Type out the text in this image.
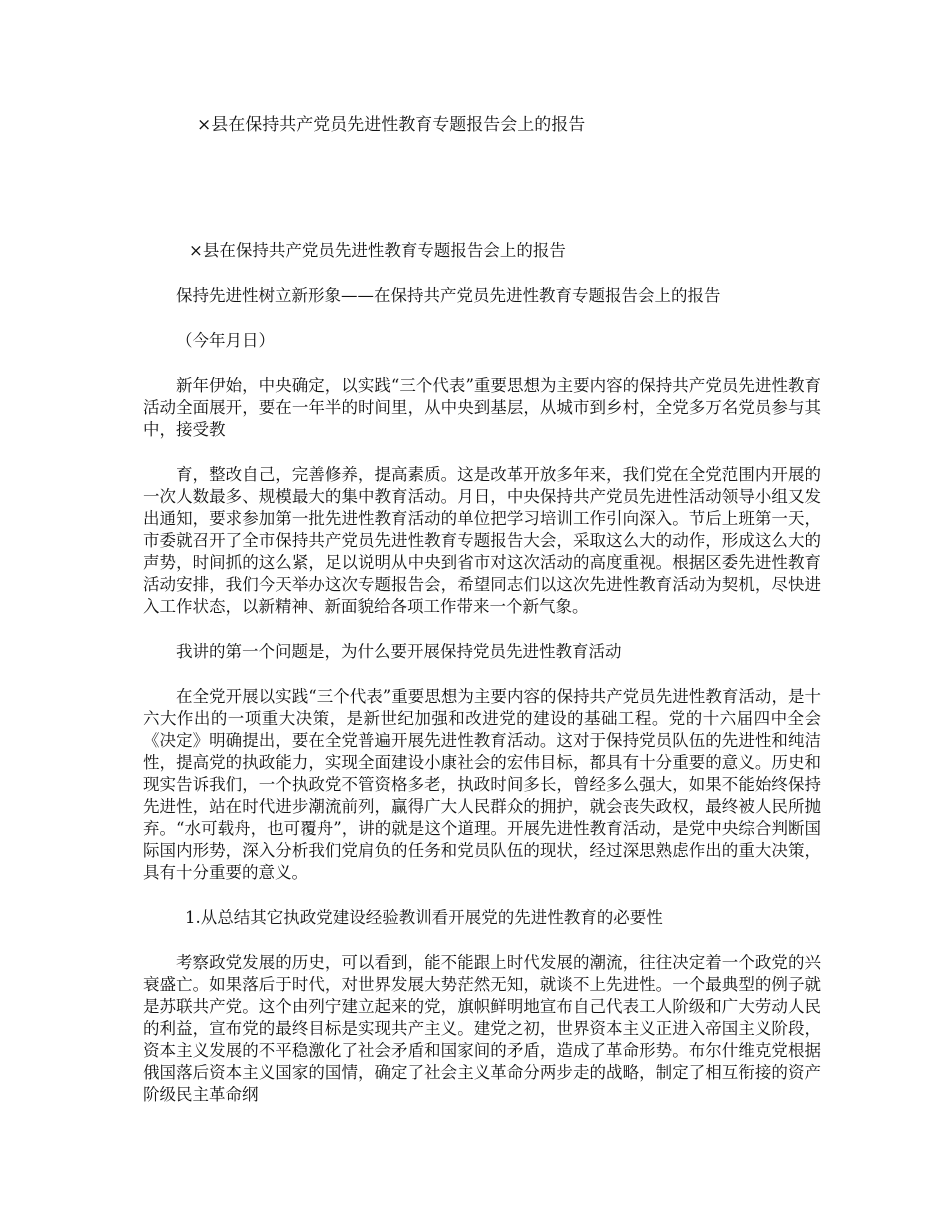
×县在保持共产党员先进性教育专题报告会上的报告

×县在保持共产党员先进性教育专题报告会上的报告

保持先进性树立新形象——在保持共产党员先进性教育专题报告会上的报告

（今年月日）

新年伊始，中央确定，以实践“三个代表”重要思想为主要内容的保持共产党员先进性教育活动全面展开，要在一年半的时间里，从中央到基层，从城市到乡村，全党多万名党员参与其中，接受教

育，整改自己，完善修养，提高素质。这是改革开放多年来，我们党在全党范围内开展的一次人数最多、规模最大的集中教育活动。月日，中央保持共产党员先进性活动领导小组又发出通知，要求参加第一批先进性教育活动的单位把学习培训工作引向深入。节后上班第一天，市委就召开了全市保持共产党员先进性教育专题报告大会，采取这么大的动作，形成这么大的声势，时间抓的这么紧，足以说明从中央到省市对这次活动的高度重视。根据区委先进性教育活动安排，我们今天举办这次专题报告会，希望同志们以这次先进性教育活动为契机，尽快进入工作状态，以新精神、新面貌给各项工作带来一个新气象。

我讲的第一个问题是，为什么要开展保持党员先进性教育活动

在全党开展以实践“三个代表”重要思想为主要内容的保持共产党员先进性教育活动，是十六大作出的一项重大决策，是新世纪加强和改进党的建设的基础工程。党的十六届四中全会《决定》明确提出，要在全党普遍开展先进性教育活动。这对于保持党员队伍的先进性和纯洁性，提高党的执政能力，实现全面建设小康社会的宏伟目标，都具有十分重要的意义。历史和现实告诉我们，一个执政党不管资格多老，执政时间多长，曾经多么强大，如果不能始终保持先进性，站在时代进步潮流前列，赢得广大人民群众的拥护，就会丧失政权，最终被人民所抛弃。“水可载舟，也可覆舟”，讲的就是这个道理。开展先进性教育活动，是党中央综合判断国际国内形势，深入分析我们党肩负的任务和党员队伍的现状，经过深思熟虑作出的重大决策，具有十分重要的意义。

1.从总结其它执政党建设经验教训看开展党的先进性教育的必要性

考察政党发展的历史，可以看到，能不能跟上时代发展的潮流，往往决定着一个政党的兴衰盛亡。如果落后于时代，对世界发展大势茫然无知，就谈不上先进性。一个最典型的例子就是苏联共产党。这个由列宁建立起来的党，旗帜鲜明地宣布自己代表工人阶级和广大劳动人民的利益，宣布党的最终目标是实现共产主义。建党之初，世界资本主义正进入帝国主义阶段，资本主义发展的不平稳激化了社会矛盾和国家间的矛盾，造成了革命形势。布尔什维克党根据俄国落后资本主义国家的国情，确定了社会主义革命分两步走的战略，制定了相互衔接的资产阶级民主革命纲
